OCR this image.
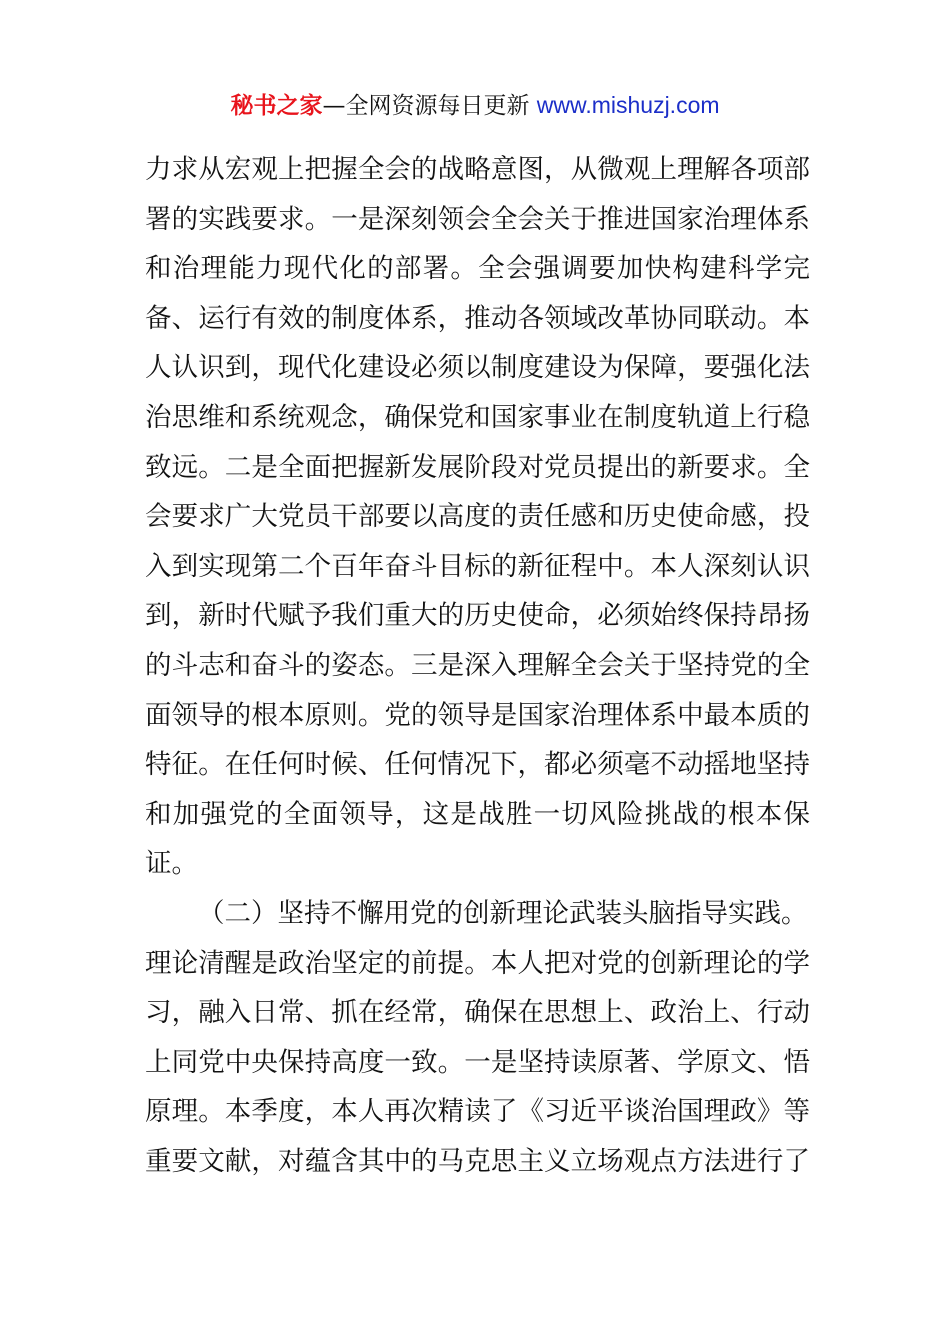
秘书之家—全网资源每日更新 www.mishuzj.com
力求从宏观上把握全会的战略意图，从微观上理解各项部
署的实践要求。一是深刻领会全会关于推进国家治理体系
和治理能力现代化的部署。全会强调要加快构建科学完
备、运行有效的制度体系，推动各领域改革协同联动。本
人认识到，现代化建设必须以制度建设为保障，要强化法
治思维和系统观念，确保党和国家事业在制度轨道上行稳
致远。二是全面把握新发展阶段对党员提出的新要求。全
会要求广大党员干部要以高度的责任感和历史使命感，投
入到实现第二个百年奋斗目标的新征程中。本人深刻认识
到，新时代赋予我们重大的历史使命，必须始终保持昂扬
的斗志和奋斗的姿态。三是深入理解全会关于坚持党的全
面领导的根本原则。党的领导是国家治理体系中最本质的
特征。在任何时候、任何情况下，都必须毫不动摇地坚持
和加强党的全面领导，这是战胜一切风险挑战的根本保
证。
（二）坚持不懈用党的创新理论武装头脑指导实践。
理论清醒是政治坚定的前提。本人把对党的创新理论的学
习，融入日常、抓在经常，确保在思想上、政治上、行动
上同党中央保持高度一致。一是坚持读原著、学原文、悟
原理。本季度，本人再次精读了《习近平谈治国理政》等
重要文献，对蕴含其中的马克思主义立场观点方法进行了
